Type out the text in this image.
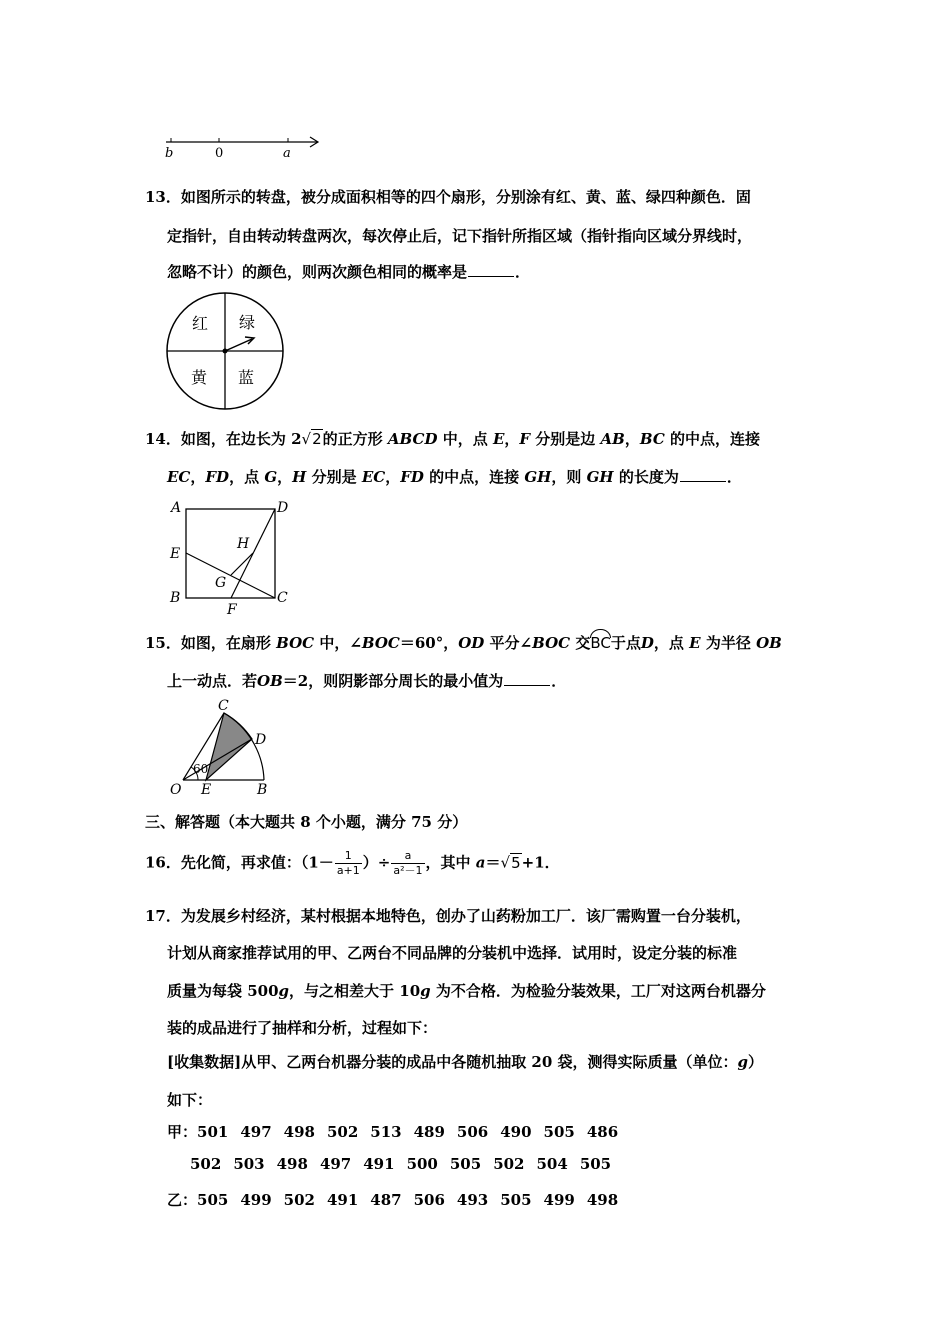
b	0	a
13．如图所示的转盘，被分成面积相等的四个扇形，分别涂有红、黄、蓝、绿四种颜色．固
定指针，自由转动转盘两次，每次停止后，记下指针所指区域（指针指向区域分界线时，
忽略不计）的颜色，则两次颜色相同的概率是	．
红 绿
黄 蓝
14．如图，在边长为 2√2的正方形 ABCD 中，点 E，F 分别是边 AB，BC 的中点，连接
EC，FD，点 G，H 分别是 EC，FD 的中点，连接 GH，则 GH 的长度为	．
A	D
E
H
G
B
F
C
15．如图，在扇形 BOC 中，∠BOC＝60°，OD 平分∠BOC 交BC于点D，点 E 为半径 OB
上一动点．若OB＝2，则阴影部分周长的最小值为	．
C
D
60
O E	B
三、解答题（本大题共 8 个小题，满分 75 分）
16．先化简，再求值：（$1- \frac{1}{a+1}$ ）÷ $\frac{a}{\text{a²－1}}$ ，其中 a＝√5+1．
17．为发展乡村经济，某村根据本地特色，创办了山药粉加工厂．该厂需购置一台分装机，
计划从商家推荐试用的甲、乙两台不同品牌的分装机中选择．试用时，设定分装的标准
质量为每袋 500g，与之相差大于 10g 为不合格．为检验分装效果，工厂对这两台机器分
装的成品进行了抽样和分析，过程如下：
[收集数据]从甲、乙两台机器分装的成品中各随机抽取 20 袋，测得实际质量（单位：g）
如下：
甲：501 497 498 502 513 489 506 490 505 486
502 503 498 497 491 500 505 502 504 505
乙：505 499 502 491 487 506 493 505 499 498
